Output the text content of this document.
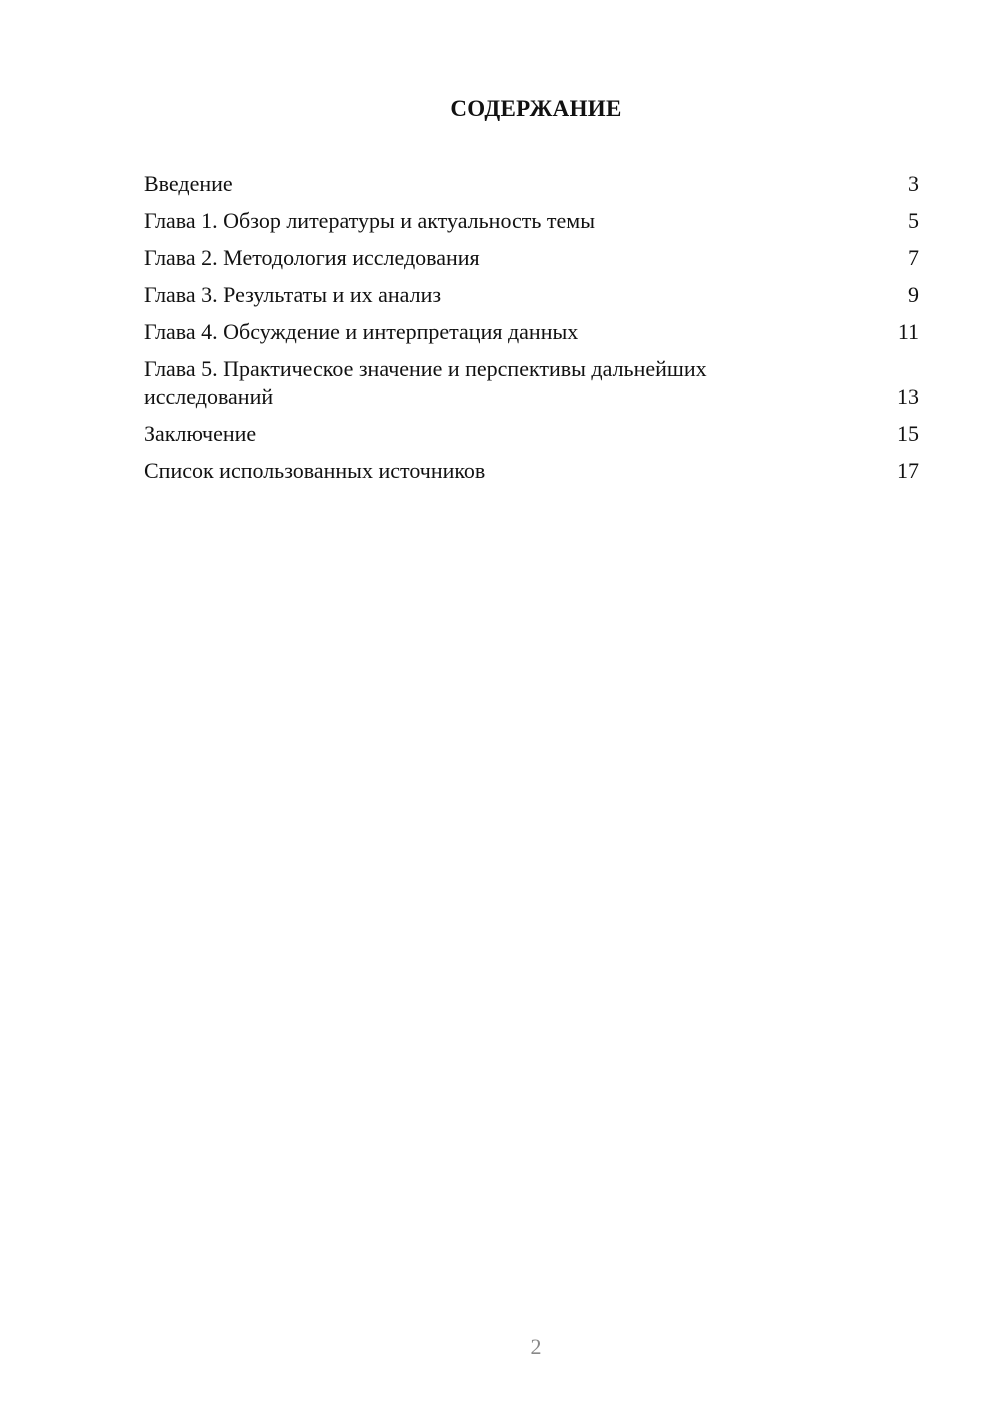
СОДЕРЖАНИЕ
Введение	3
Глава 1. Обзор литературы и актуальность темы	5
Глава 2. Методология исследования	7
Глава 3. Результаты и их анализ	9
Глава 4. Обсуждение и интерпретация данных	11
Глава 5. Практическое значение и перспективы дальнейших исследований	13
Заключение	15
Список использованных источников	17
2
